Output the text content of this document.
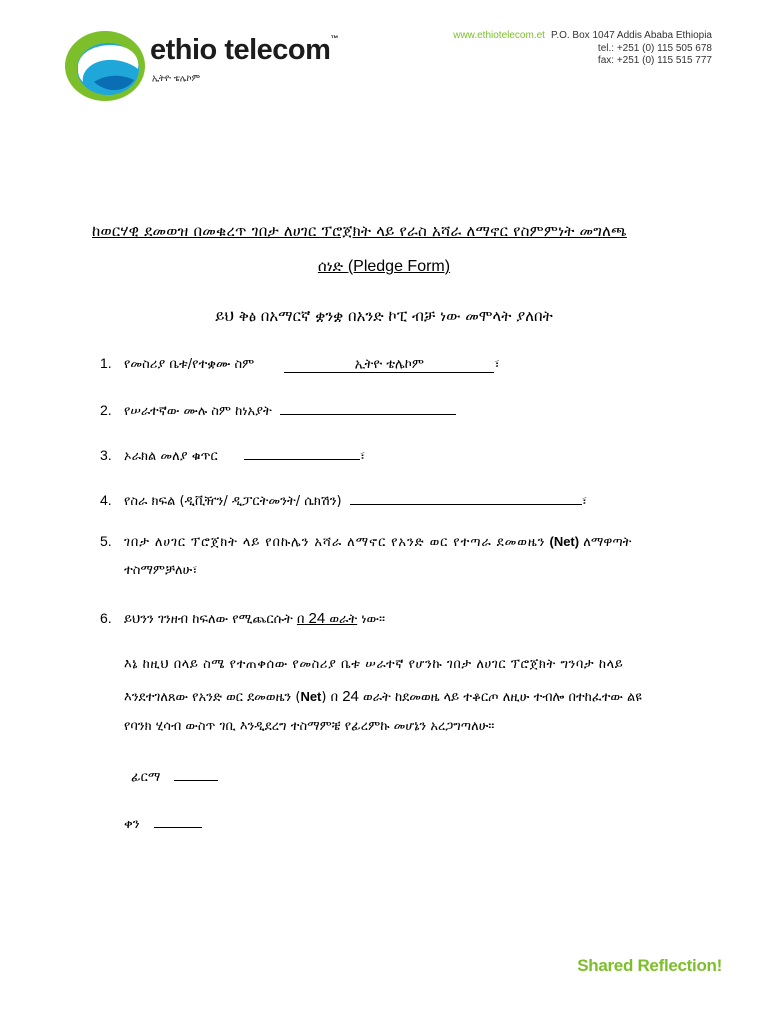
ethio telecom™
ኢትዮ ቴሌኮም
www.ethiotelecom.et P.O. Box 1047 Addis Ababa Ethiopia
tel.: +251 (0) 115 505 678
fax: +251 (0) 115 515 777
ከወርሃዊ ደመወዝ በመቁረጥ ገበታ ለሀገር ፕሮጀክት ላይ የራስ አሻራ ለማኖር የስምምነት መግለጫ
ሰነድ (Pledge Form)
ይህ ቅፅ በአማርኛ ቋንቋ በአንድ ኮፒ ብቻ ነው መሞላት ያለበት
1. የመስሪያ ቤቱ/የተቋሙ ስም	ኢትዮ ቴሌኮም	፣
2. የሠራተኛው ሙሉ ስም ከነአያት
3. ኦራክል መለያ ቁጥር	፣
4. የስራ ክፍል (ዲቪዥን/ ዲፓርትመንት/ ሴክሽን)	፣
5. ገበታ ለሀገር ፕሮጀክት ላይ የበኩሌን አሻራ ለማኖር የአንድ ወር የተጣራ ደመወዜን (Net) ለማዋጣት
ተስማምቻለሁ፣
6. ይህንን ገንዘብ ከፍለው የሚጨርሱት በ 24 ወራት ነው።
እኔ ከዚህ በላይ ስሜ የተጠቀሰው የመስሪያ ቤቱ ሠራተኛ የሆንኩ ገበታ ለሀገር ፕሮጀክት ግንባታ ከላይ
እንደተገለጸው የአንድ ወር ደመወዜን (Net) በ 24 ወራት ከደመወዜ ላይ ተቆርጦ ለዚሁ ተብሎ በተከፈተው ልዩ
የባንክ ሂሳብ ውስጥ ገቢ እንዲደረግ ተስማምቼ የፊረምኩ መሆኔን አረጋግጣለሁ።
ፊርማ
ቀን
Shared Reflection!
